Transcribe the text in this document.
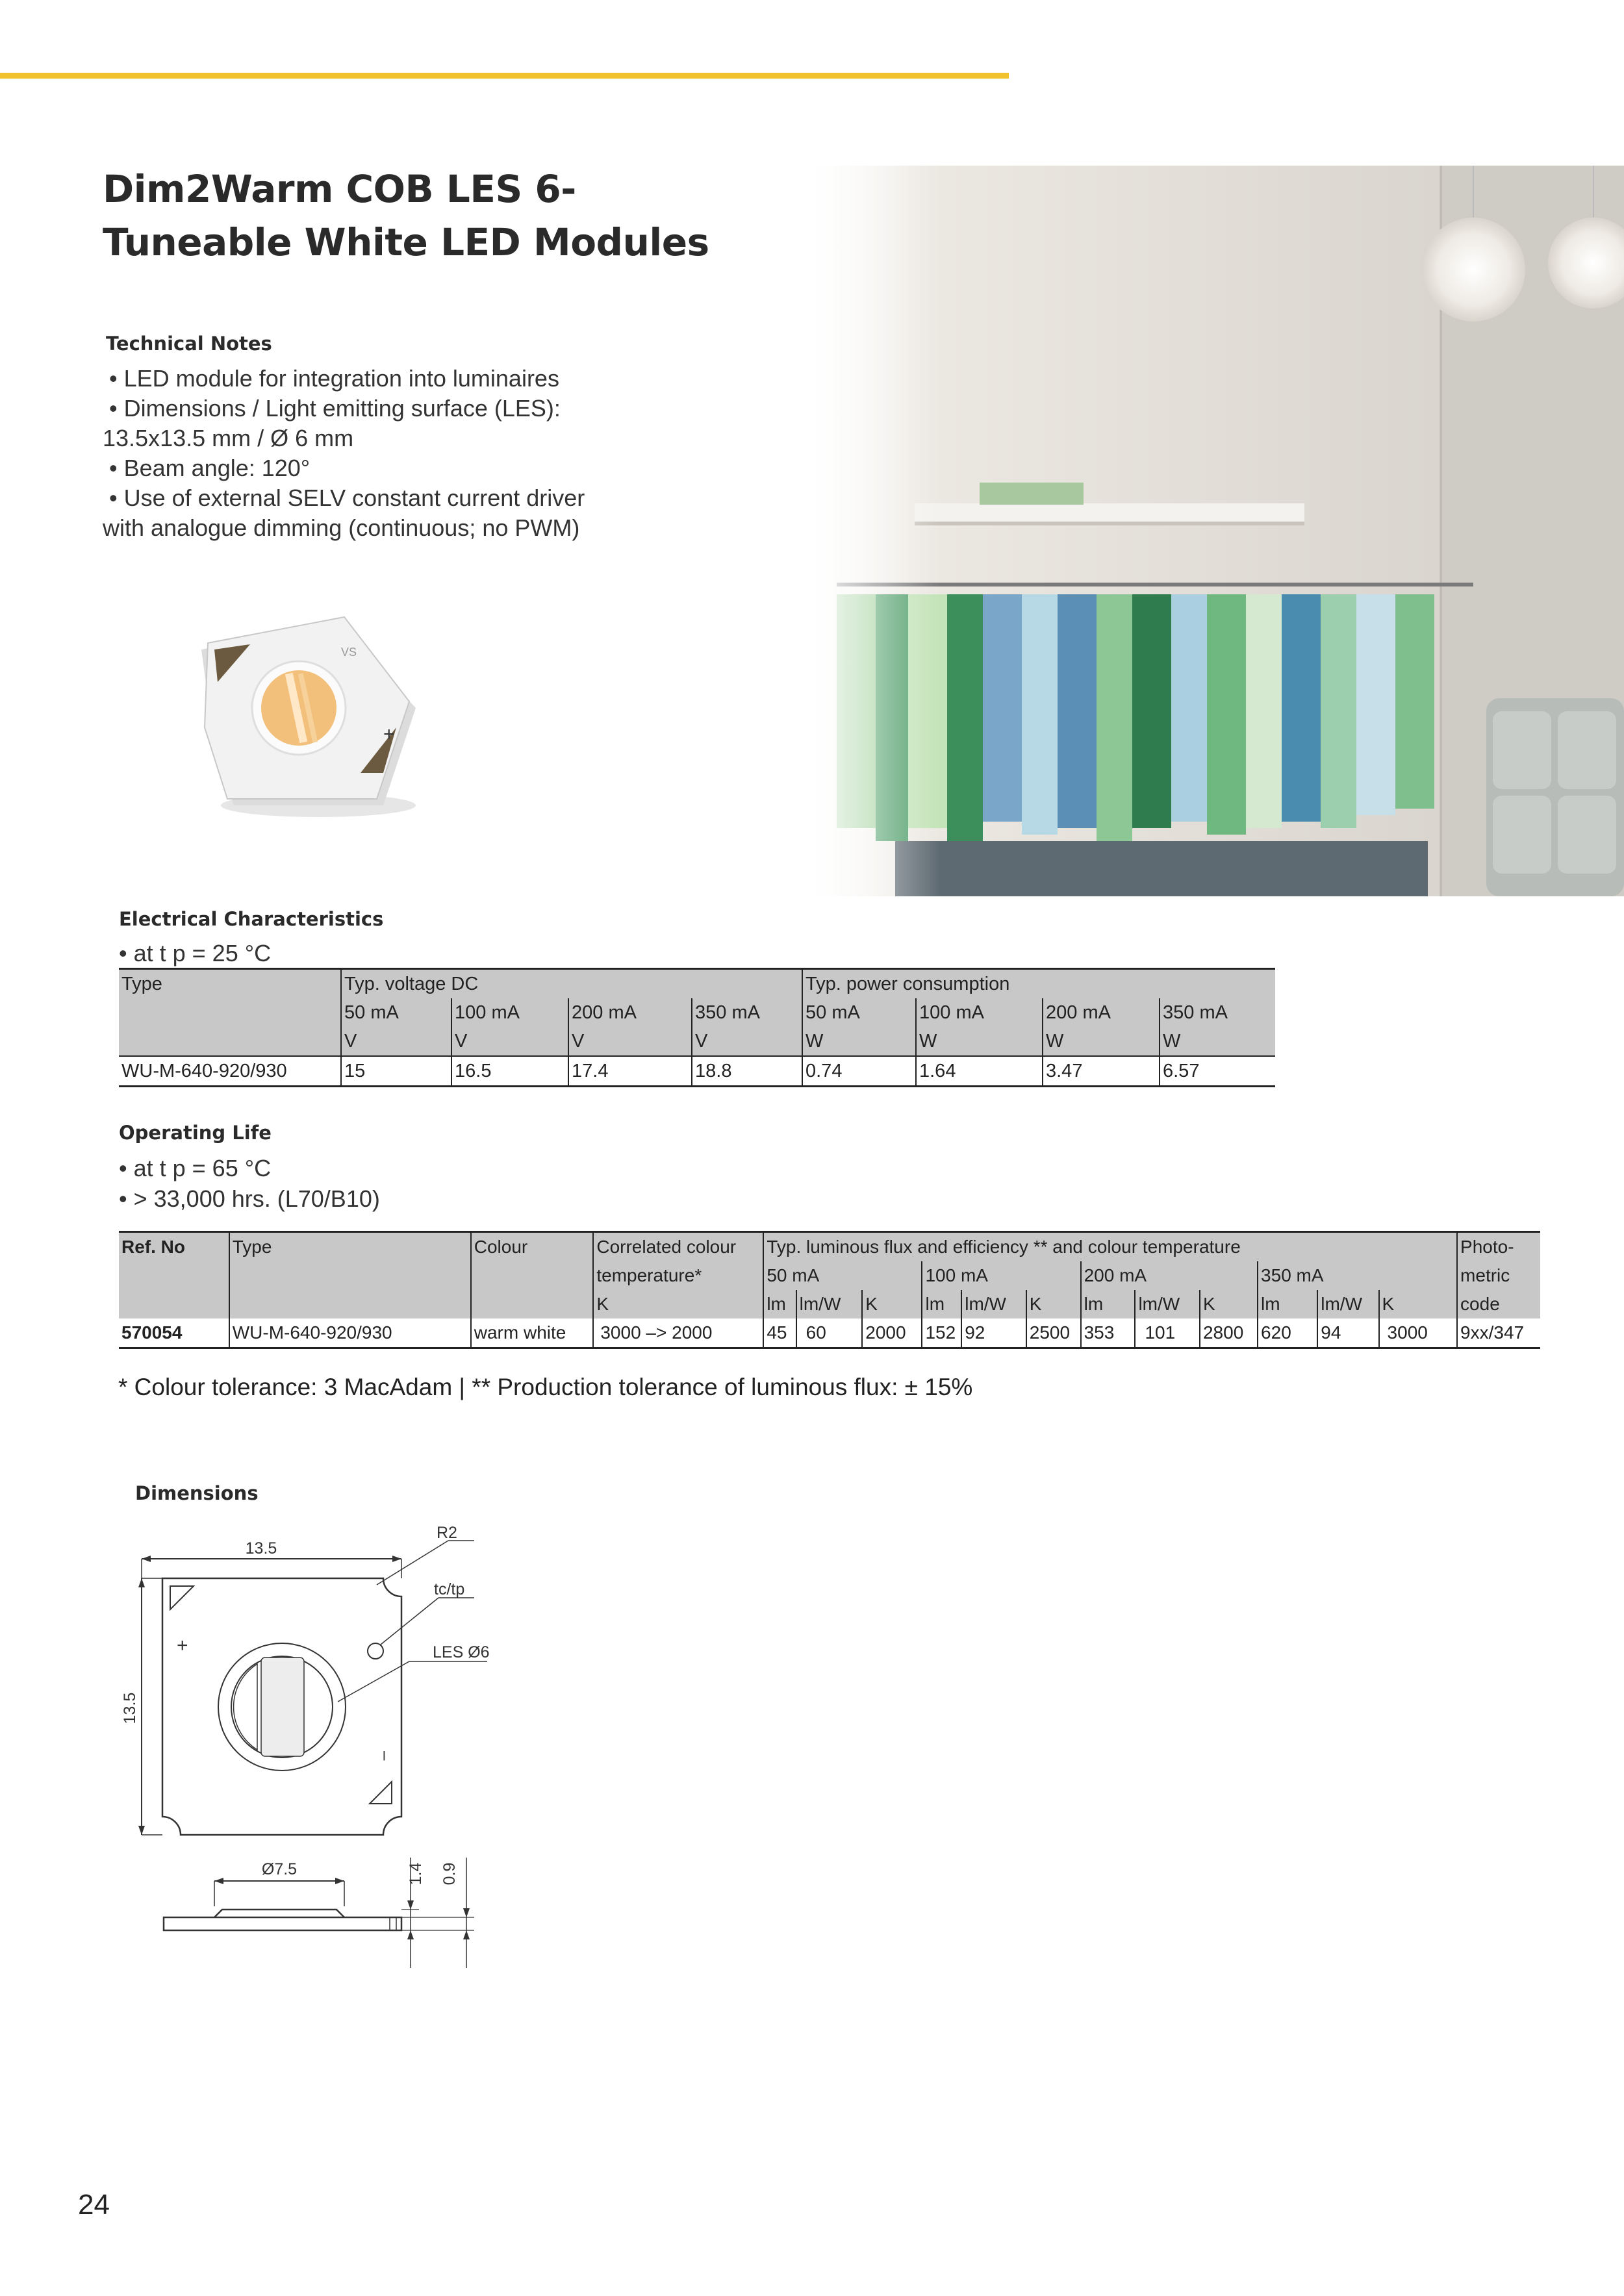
Dim2Warm COB LES 6-
Tuneable White LED Modules
Technical Notes
• LED module for integration into luminaires
• Dimensions / Light emitting surface (LES):
13.5x13.5 mm / Ø 6 mm
• Beam angle: 120°
• Use of external SELV constant current driver
with analogue dimming (continuous; no PWM)
VS
+
Electrical Characteristics
• at t p = 25 °C
Type	Typ. voltage DC				Typ. power consumption			
	50 mA	100 mA	200 mA	350 mA	50 mA	100 mA	200 mA	350 mA
	V	V	V	V	W	W	W	W
WU-M-640-920/930	15	16.5	17.4	18.8	0.74	1.64	3.47	6.57
Operating Life
• at t p = 65 °C
• > 33,000 hrs. (L70/B10)
Ref. No	Type	Colour	Correlated colour	Typ. luminous flux and efficiency ** and colour temperature												Photo-
			temperature*	50 mA			100 mA			200 mA			350 mA			metric
			K	lm	lm/W	K	lm	lm/W	K	lm	lm/W	K	lm	lm/W	K	code
570054	WU-M-640-920/930	warm white	3000 –> 2000	45	60	2000	152	92	2500	353	101	2800	620	94	3000	9xx/347
* Colour tolerance: 3 MacAdam | ** Production tolerance of luminous flux: ± 15%
Dimensions
13.5
13.5
+
–
R2
tc/tp
LES Ø6
Ø7.5	1.4 0.9
24
